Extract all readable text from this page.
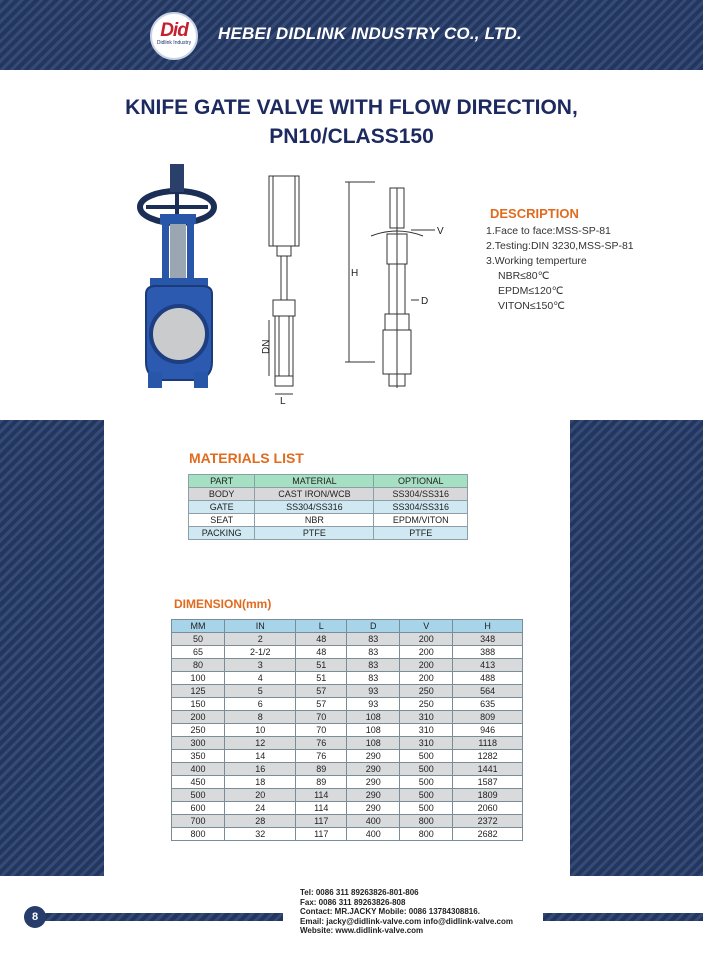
Did
Didlink Industry HEBEI DIDLINK INDUSTRY CO., LTD.
KNIFE GATE VALVE WITH FLOW DIRECTION,
PN10/CLASS150
DN
L
H
V
D
DESCRIPTION
1.Face to face:MSS-SP-81
2.Testing:DIN 3230,MSS-SP-81
3.Working temperture
NBR≤80℃
EPDM≤120℃
VITON≤150℃
MATERIALS LIST
PART	MATERIAL	OPTIONAL
BODY	CAST IRON/WCB	SS304/SS316
GATE	SS304/SS316	SS304/SS316
SEAT	NBR	EPDM/VITON
PACKING	PTFE	PTFE
DIMENSION(mm)
MM	IN	L	D	V	H
50	2	48	83	200	348
65	2-1/2	48	83	200	388
80	3	51	83	200	413
100	4	51	83	200	488
125	5	57	93	250	564
150	6	57	93	250	635
200	8	70	108	310	809
250	10	70	108	310	946
300	12	76	108	310	1118
350	14	76	290	500	1282
400	16	89	290	500	1441
450	18	89	290	500	1587
500	20	114	290	500	1809
600	24	114	290	500	2060
700	28	117	400	800	2372
800	32	117	400	800	2682
8
Tel: 0086 311 89263826-801-806
Fax: 0086 311 89263826-808
Contact: MR.JACKY Mobile: 0086 13784308816.
Email: jacky@didlink-valve.com info@didlink-valve.com
Website: www.didlink-valve.com
